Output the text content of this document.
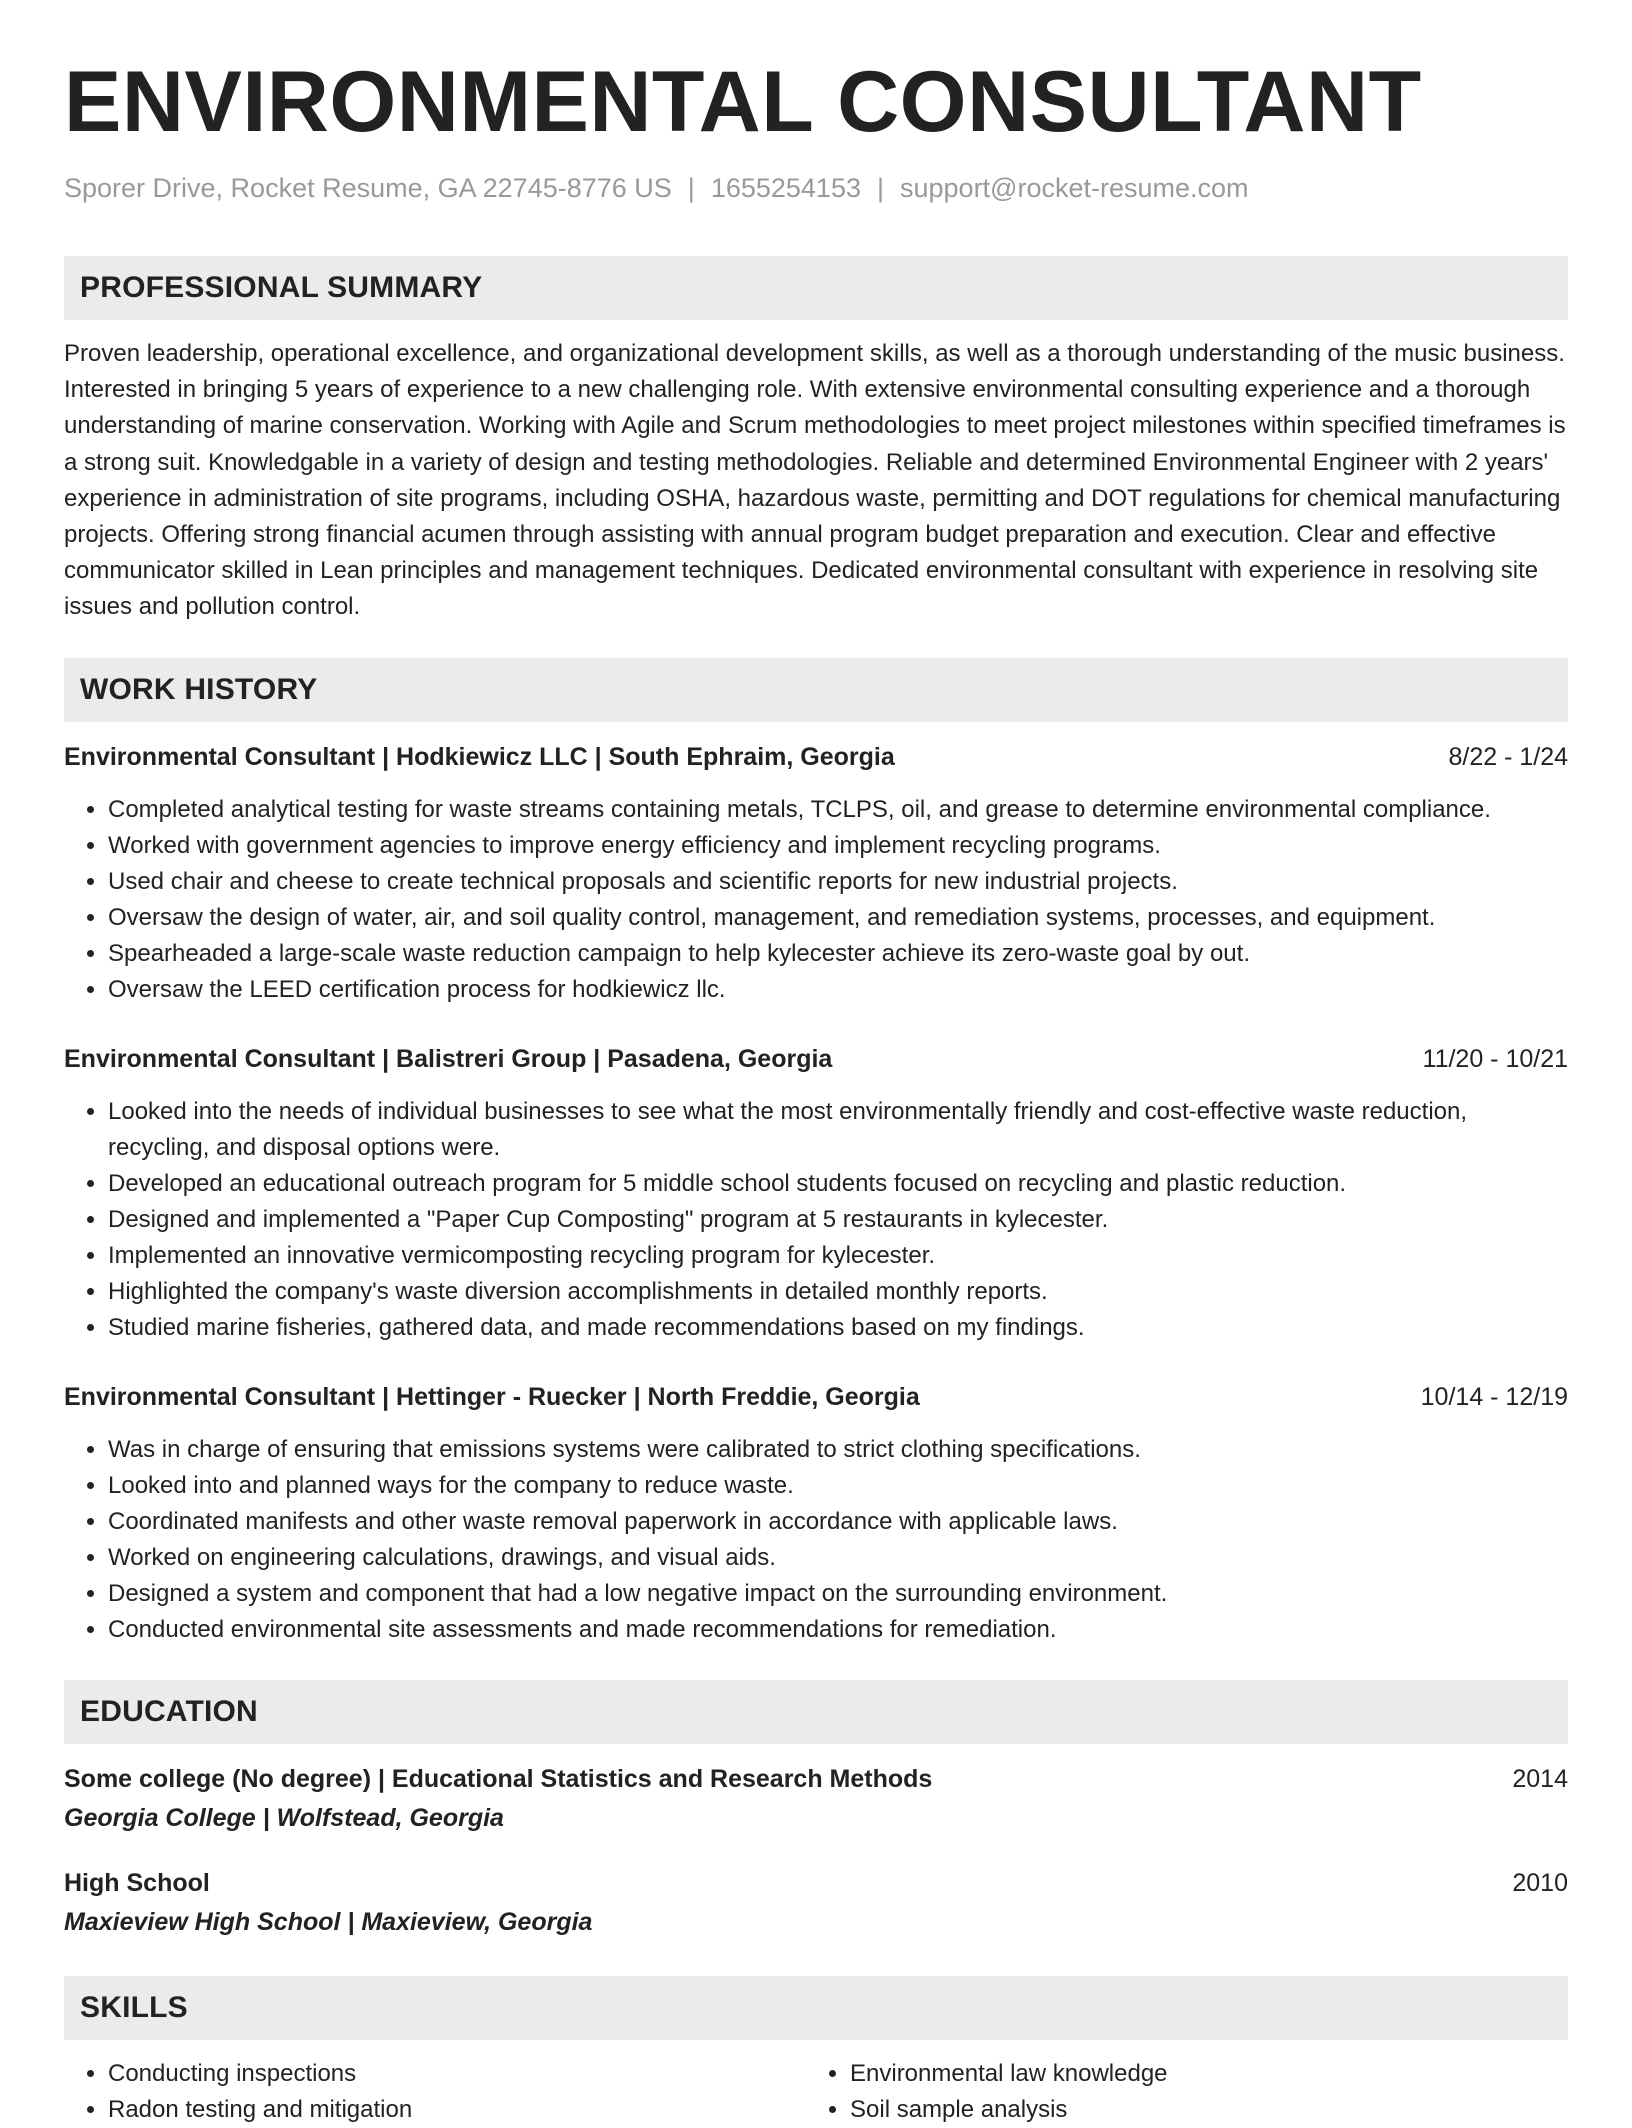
ENVIRONMENTAL CONSULTANT
Sporer Drive, Rocket Resume, GA 22745-8776 US | 1655254153 | support@rocket-resume.com
PROFESSIONAL SUMMARY
Proven leadership, operational excellence, and organizational development skills, as well as a thorough understanding of the music business. Interested in bringing 5 years of experience to a new challenging role. With extensive environmental consulting experience and a thorough understanding of marine conservation. Working with Agile and Scrum methodologies to meet project milestones within specified timeframes is a strong suit. Knowledgable in a variety of design and testing methodologies. Reliable and determined Environmental Engineer with 2 years' experience in administration of site programs, including OSHA, hazardous waste, permitting and DOT regulations for chemical manufacturing projects. Offering strong financial acumen through assisting with annual program budget preparation and execution. Clear and effective communicator skilled in Lean principles and management techniques. Dedicated environmental consultant with experience in resolving site issues and pollution control.
WORK HISTORY
Environmental Consultant | Hodkiewicz LLC | South Ephraim, Georgia	8/22 - 1/24
• Completed analytical testing for waste streams containing metals, TCLPS, oil, and grease to determine environmental compliance.
• Worked with government agencies to improve energy efficiency and implement recycling programs.
• Used chair and cheese to create technical proposals and scientific reports for new industrial projects.
• Oversaw the design of water, air, and soil quality control, management, and remediation systems, processes, and equipment.
• Spearheaded a large-scale waste reduction campaign to help kylecester achieve its zero-waste goal by out.
• Oversaw the LEED certification process for hodkiewicz llc.
Environmental Consultant | Balistreri Group | Pasadena, Georgia	11/20 - 10/21
• Looked into the needs of individual businesses to see what the most environmentally friendly and cost-effective waste reduction, recycling, and disposal options were.
• Developed an educational outreach program for 5 middle school students focused on recycling and plastic reduction.
• Designed and implemented a "Paper Cup Composting" program at 5 restaurants in kylecester.
• Implemented an innovative vermicomposting recycling program for kylecester.
• Highlighted the company's waste diversion accomplishments in detailed monthly reports.
• Studied marine fisheries, gathered data, and made recommendations based on my findings.
Environmental Consultant | Hettinger - Ruecker | North Freddie, Georgia	10/14 - 12/19
• Was in charge of ensuring that emissions systems were calibrated to strict clothing specifications.
• Looked into and planned ways for the company to reduce waste.
• Coordinated manifests and other waste removal paperwork in accordance with applicable laws.
• Worked on engineering calculations, drawings, and visual aids.
• Designed a system and component that had a low negative impact on the surrounding environment.
• Conducted environmental site assessments and made recommendations for remediation.
EDUCATION
Some college (No degree) | Educational Statistics and Research Methods	2014
Georgia College | Wolfstead, Georgia
High School	2010
Maxieview High School | Maxieview, Georgia
SKILLS
• Conducting inspections
• Radon testing and mitigation
• Environmental law knowledge
• Soil sample analysis
